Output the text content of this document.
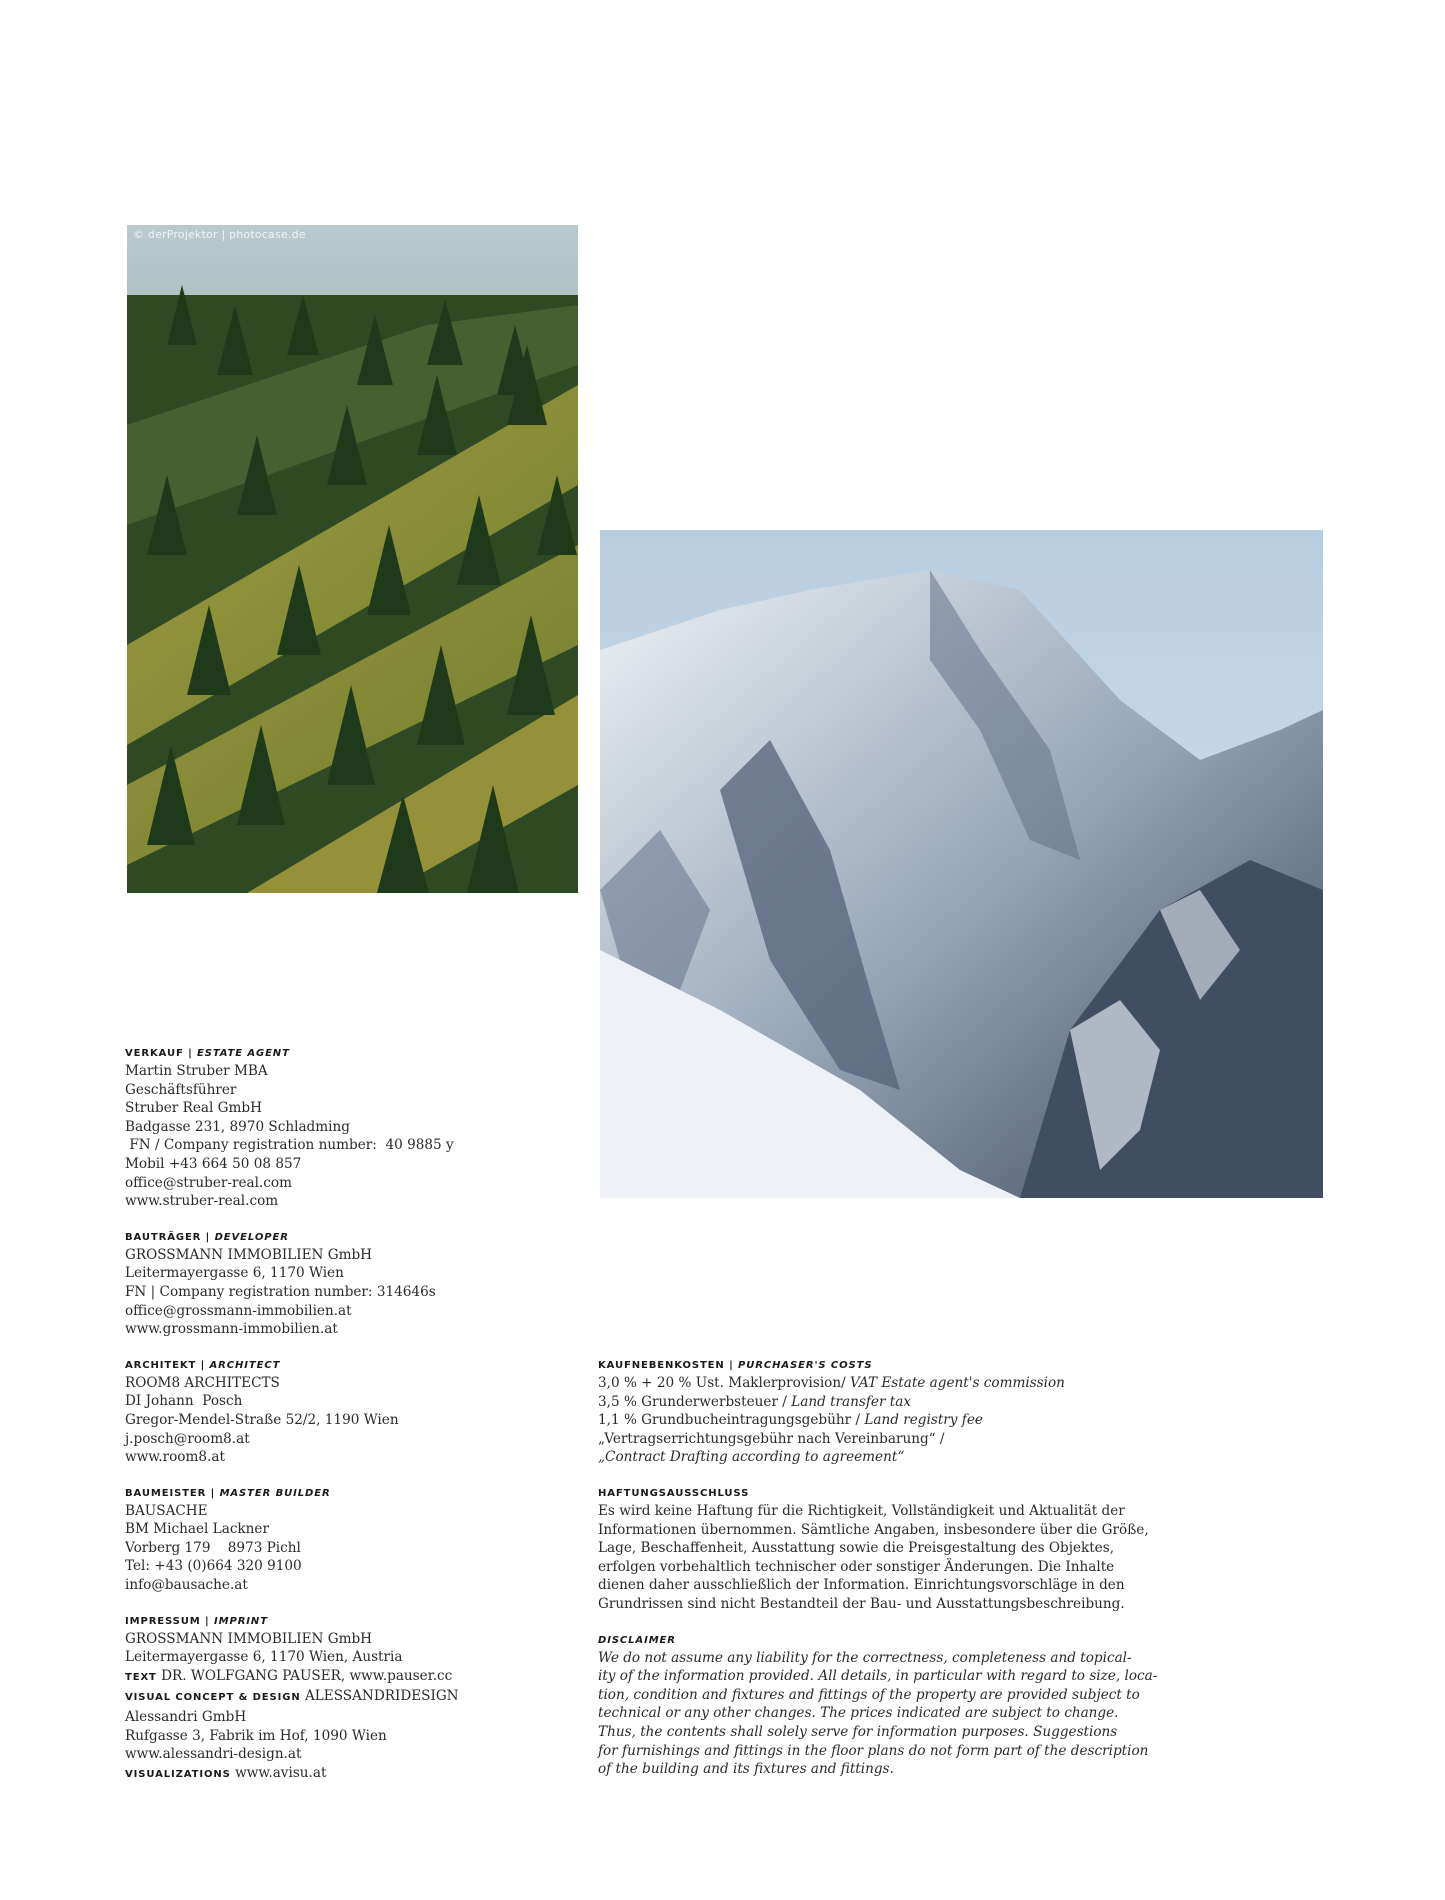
© derProjektor | photocase.de
VERKAUF | ESTATE AGENT
Martin Struber MBA
Geschäftsführer
Struber Real GmbH
Badgasse 231, 8970 Schladming
FN / Company registration number:  40 9885 y
Mobil +43 664 50 08 857
office@struber-real.com
www.struber-real.com
BAUTRÄGER | DEVELOPER
GROSSMANN IMMOBILIEN GmbH
Leitermayergasse 6, 1170 Wien
FN | Company registration number: 314646s
office@grossmann-immobilien.at
www.grossmann-immobilien.at
ARCHITEKT | ARCHITECT
ROOM8 ARCHITECTS
DI Johann  Posch
Gregor-Mendel-Straße 52/2, 1190 Wien
j.posch@room8.at
www.room8.at
BAUMEISTER | MASTER BUILDER
BAUSACHE
BM Michael Lackner
Vorberg 179    8973 Pichl
Tel: +43 (0)664 320 9100
info@bausache.at
IMPRESSUM | IMPRINT
GROSSMANN IMMOBILIEN GmbH
Leitermayergasse 6, 1170 Wien, Austria
TEXT DR. WOLFGANG PAUSER, www.pauser.cc
VISUAL CONCEPT & DESIGN ALESSANDRIDESIGN
Alessandri GmbH
Rufgasse 3, Fabrik im Hof, 1090 Wien
www.alessandri-design.at
VISUALIZATIONS www.avisu.at
KAUFNEBENKOSTEN | PURCHASER'S COSTS
3,0 % + 20 % Ust. Maklerprovision/ VAT Estate agent's commission
3,5 % Grunderwerbsteuer / Land transfer tax
1,1 % Grundbucheintragungsgebühr / Land registry fee
„Vertragserrichtungsgebühr nach Vereinbarung“ /
„Contract Drafting according to agreement“
HAFTUNGSAUSSCHLUSS
Es wird keine Haftung für die Richtigkeit, Vollständigkeit und Aktualität der
Informationen übernommen. Sämtliche Angaben, insbesondere über die Größe,
Lage, Beschaffenheit, Ausstattung sowie die Preisgestaltung des Objektes,
erfolgen vorbehaltlich technischer oder sonstiger Änderungen. Die Inhalte
dienen daher ausschließlich der Information. Einrichtungsvorschläge in den
Grundrissen sind nicht Bestandteil der Bau- und Ausstattungsbeschreibung.
DISCLAIMER
We do not assume any liability for the correctness, completeness and topical-
ity of the information provided. All details, in particular with regard to size, loca-
tion, condition and fixtures and fittings of the property are provided subject to
technical or any other changes. The prices indicated are subject to change.
Thus, the contents shall solely serve for information purposes. Suggestions
for furnishings and fittings in the floor plans do not form part of the description
of the building and its fixtures and fittings.
